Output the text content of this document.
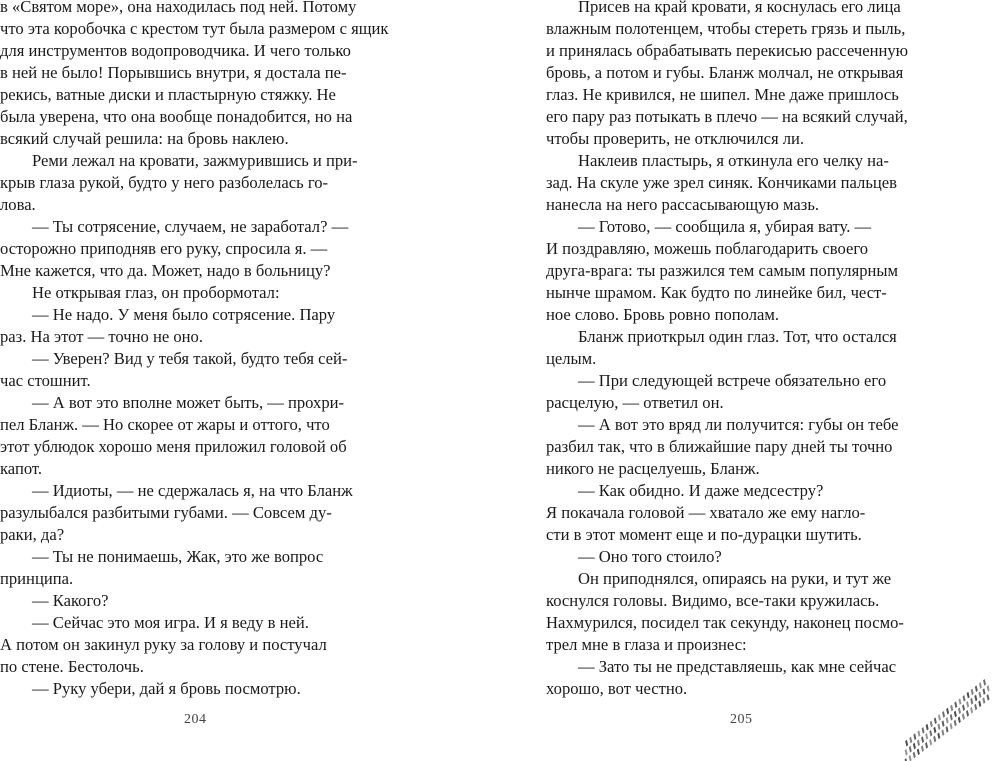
в «Святом море», она находилась под ней. Потому
что эта коробочка с крестом тут была размером с ящик
для инструментов водопроводчика. И чего только
в ней не было! Порывшись внутри, я достала пе-
рекись, ватные диски и пластырную стяжку. Не
была уверена, что она вообще понадобится, но на
всякий случай решила: на бровь наклею.
Реми лежал на кровати, зажмурившись и при-
крыв глаза рукой, будто у него разболелась го-
лова.
— Ты сотрясение, случаем, не заработал? —
осторожно приподняв его руку, спросила я. —
Мне кажется, что да. Может, надо в больницу?
Не открывая глаз, он пробормотал:
— Не надо. У меня было сотрясение. Пару
раз. На этот — точно не оно.
— Уверен? Вид у тебя такой, будто тебя сей-
час стошнит.
— А вот это вполне может быть, — прохри-
пел Бланж. — Но скорее от жары и оттого, что
этот ублюдок хорошо меня приложил головой об
капот.
— Идиоты, — не сдержалась я, на что Бланж
разулыбался разбитыми губами. — Совсем ду-
раки, да?
— Ты не понимаешь, Жак, это же вопрос
принципа.
— Какого?
— Сейчас это моя игра. И я веду в ней.
А потом он закинул руку за голову и постучал
по стене. Бестолочь.
— Руку убери, дай я бровь посмотрю.
204
Присев на край кровати, я коснулась его лица
влажным полотенцем, чтобы стереть грязь и пыль,
и принялась обрабатывать перекисью рассеченную
бровь, а потом и губы. Бланж молчал, не открывая
глаз. Не кривился, не шипел. Мне даже пришлось
его пару раз потыкать в плечо — на всякий случай,
чтобы проверить, не отключился ли.
Наклеив пластырь, я откинула его челку на-
зад. На скуле уже зрел синяк. Кончиками пальцев
нанесла на него рассасывающую мазь.
— Готово, — сообщила я, убирая вату. —
И поздравляю, можешь поблагодарить своего
друга-врага: ты разжился тем самым популярным
нынче шрамом. Как будто по линейке бил, чест-
ное слово. Бровь ровно пополам.
Бланж приоткрыл один глаз. Тот, что остался
целым.
— При следующей встрече обязательно его
расцелую, — ответил он.
— А вот это вряд ли получится: губы он тебе
разбил так, что в ближайшие пару дней ты точно
никого не расцелуешь, Бланж.
— Как обидно. И даже медсестру?
Я покачала головой — хватало же ему нагло-
сти в этот момент еще и по-дурацки шутить.
— Оно того стоило?
Он приподнялся, опираясь на руки, и тут же
коснулся головы. Видимо, все-таки кружилась.
Нахмурился, посидел так секунду, наконец посмо-
трел мне в глаза и произнес:
— Зато ты не представляешь, как мне сейчас
хорошо, вот честно.
205
